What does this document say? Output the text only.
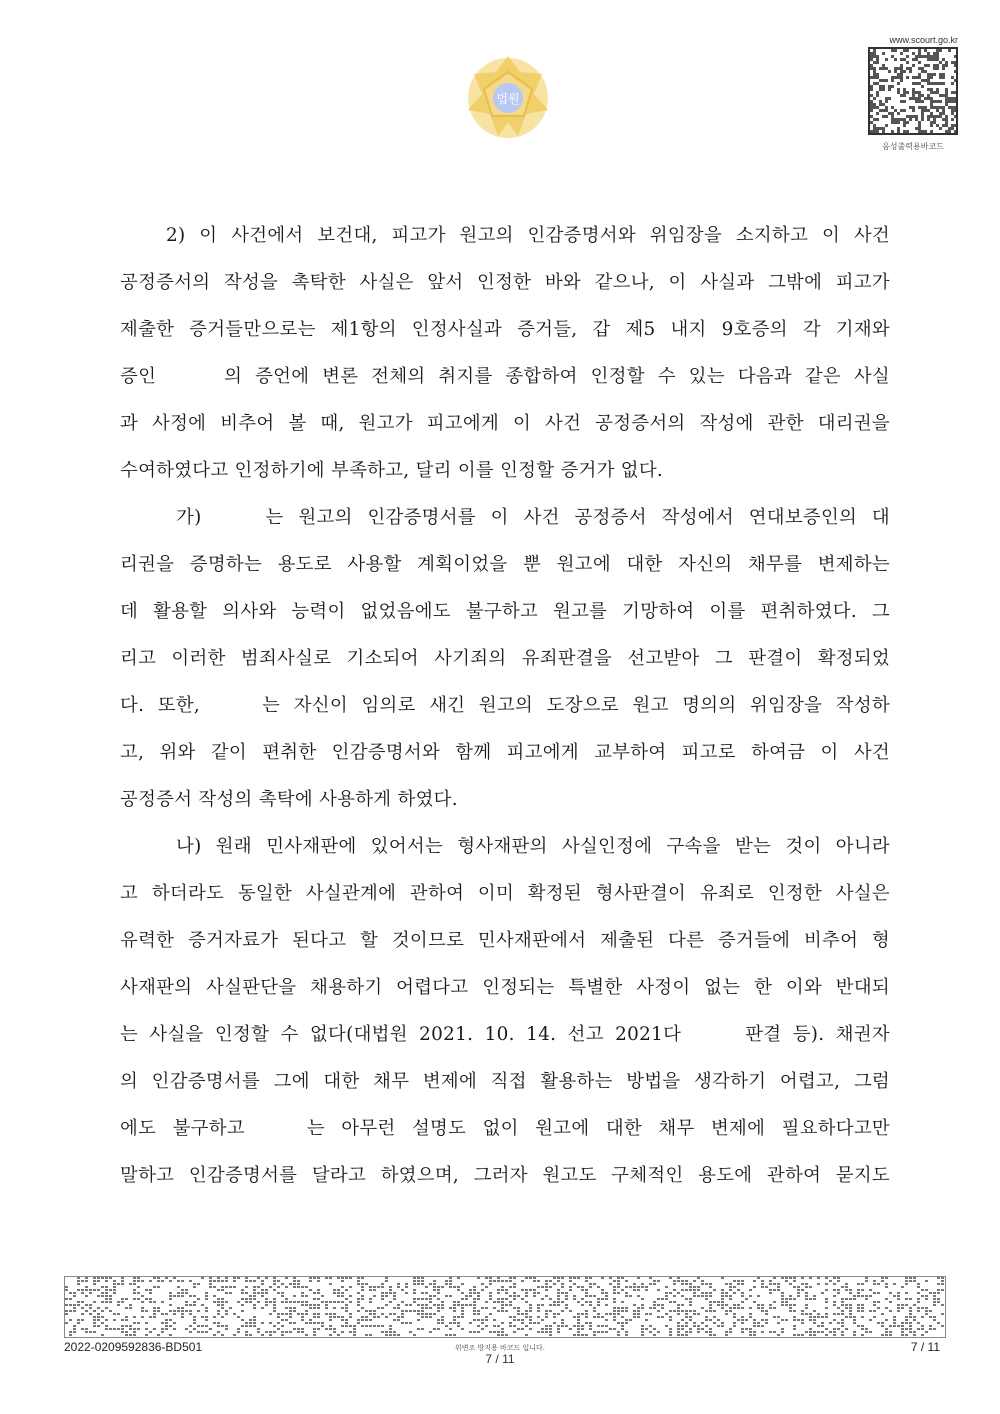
법원
www.scourt.go.kr
음성출력용바코드

2) 이 사건에서 보건대, 피고가 원고의 인감증명서와 위임장을 소지하고 이 사건

공정증서의 작성을 촉탁한 사실은 앞서 인정한 바와 같으나, 이 사실과 그밖에 피고가

제출한 증거들만으로는 제1항의 인정사실과 증거들, 갑 제5 내지 9호증의 각 기재와

증인	의 증언에 변론 전체의 취지를 종합하여 인정할 수 있는 다음과 같은 사실

과 사정에 비추어 볼 때, 원고가 피고에게 이 사건 공정증서의 작성에 관한 대리권을

수여하였다고 인정하기에 부족하고, 달리 이를 인정할 증거가 없다.

가)	는 원고의 인감증명서를 이 사건 공정증서 작성에서 연대보증인의 대

리권을 증명하는 용도로 사용할 계획이었을 뿐 원고에 대한 자신의 채무를 변제하는

데 활용할 의사와 능력이 없었음에도 불구하고 원고를 기망하여 이를 편취하였다. 그

리고 이러한 범죄사실로 기소되어 사기죄의 유죄판결을 선고받아 그 판결이 확정되었

다. 또한,	는 자신이 임의로 새긴 원고의 도장으로 원고 명의의 위임장을 작성하

고, 위와 같이 편취한 인감증명서와 함께 피고에게 교부하여 피고로 하여금 이 사건

공정증서 작성의 촉탁에 사용하게 하였다.

나) 원래 민사재판에 있어서는 형사재판의 사실인정에 구속을 받는 것이 아니라

고 하더라도 동일한 사실관계에 관하여 이미 확정된 형사판결이 유죄로 인정한 사실은

유력한 증거자료가 된다고 할 것이므로 민사재판에서 제출된 다른 증거들에 비추어 형

사재판의 사실판단을 채용하기 어렵다고 인정되는 특별한 사정이 없는 한 이와 반대되

는 사실을 인정할 수 없다(대법원 2021. 10. 14. 선고 2021다	판결 등). 채권자

의 인감증명서를 그에 대한 채무 변제에 직접 활용하는 방법을 생각하기 어렵고, 그럼

에도 불구하고	는 아무런 설명도 없이 원고에 대한 채무 변제에 필요하다고만

말하고 인감증명서를 달라고 하였으며, 그러자 원고도 구체적인 용도에 관하여 묻지도

2022-0209592836-BD501	위변조 방지용 바코드 입니다.
7 / 11
7 / 11
